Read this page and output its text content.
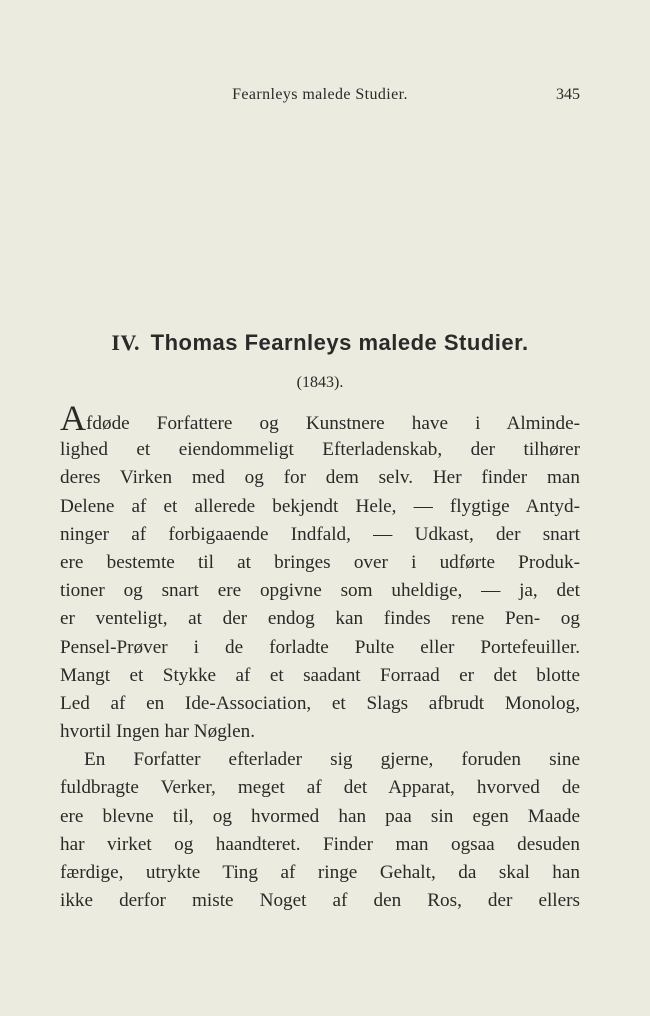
Fearnleys malede Studier.	345
IV. Thomas Fearnleys malede Studier.
(1843).
Afdøde Forfattere og Kunstnere have i Alminde-
lighed et eiendommeligt Efterladenskab, der tilhører
deres Virken med og for dem selv. Her finder man
Delene af et allerede bekjendt Hele, — flygtige Antyd-
ninger af forbigaaende Indfald, — Udkast, der snart
ere bestemte til at bringes over i udførte Produk-
tioner og snart ere opgivne som uheldige, — ja, det
er venteligt, at der endog kan findes rene Pen- og
Pensel-Prøver i de forladte Pulte eller Portefeuiller.
Mangt et Stykke af et saadant Forraad er det blotte
Led af en Ide-Association, et Slags afbrudt Monolog,
hvortil Ingen har Nøglen.
En Forfatter efterlader sig gjerne, foruden sine
fuldbragte Verker, meget af det Apparat, hvorved de
ere blevne til, og hvormed han paa sin egen Maade
har virket og haandteret. Finder man ogsaa desuden
færdige, utrykte Ting af ringe Gehalt, da skal han
ikke derfor miste Noget af den Ros, der ellers
